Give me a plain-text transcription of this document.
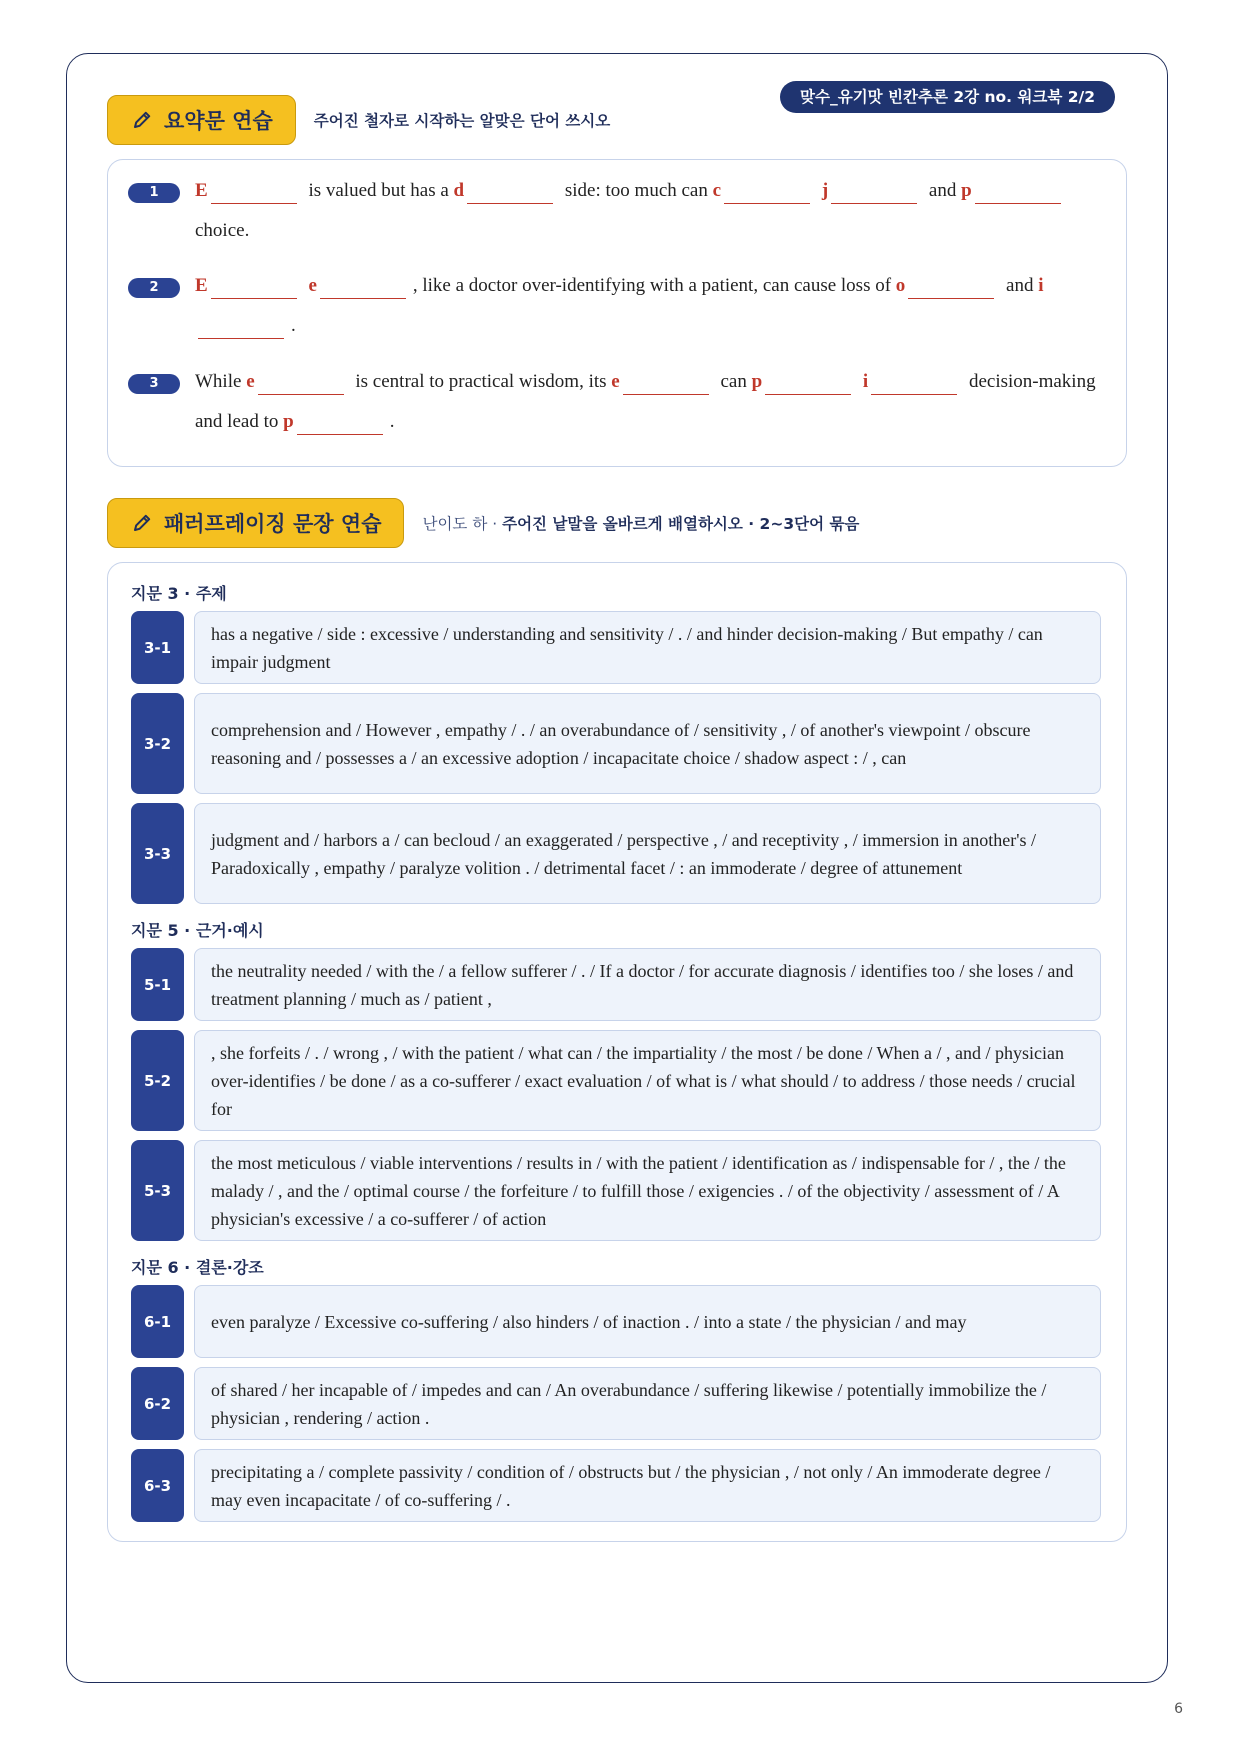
맞수_유기맛 빈칸추론 2강 no. 워크북 2/2
요약문 연습	주어진 철자로 시작하는 알맞은 단어 쓰시오
1	E	is valued but has a d	side: too much can c	j	and p choice.
2	E	e	, like a doctor over-identifying with a patient, can cause loss of o	and i.
3	While e	is central to practical wisdom, its e	can p	i	decision-making and lead to p	.
패러프레이징 문장 연습	난이도 하 · 주어진 낱말을 올바르게 배열하시오 · 2~3단어 묶음
지문 3 · 주제
3-1
has a negative / side : excessive / understanding and sensitivity / . / and hinder decision-making / But empathy / can impair judgment
3-2
comprehension and / However , empathy / . / an overabundance of / sensitivity , / of another's viewpoint / obscure reasoning and / possesses a / an excessive adoption / incapacitate choice / shadow aspect : / , can
3-3
judgment and / harbors a / can becloud / an exaggerated / perspective , / and receptivity , / immersion in another's / Paradoxically , empathy / paralyze volition . / detrimental facet / : an immoderate / degree of attunement
지문 5 · 근거·예시
5-1
the neutrality needed / with the / a fellow sufferer / . / If a doctor / for accurate diagnosis / identifies too / she loses / and treatment planning / much as / patient ,
5-2
, she forfeits / . / wrong , / with the patient / what can / the impartiality / the most / be done / When a / , and / physician over-identifies / be done / as a co-sufferer / exact evaluation / of what is / what should / to address / those needs / crucial for
5-3
the most meticulous / viable interventions / results in / with the patient / identification as / indispensable for / , the / the malady / , and the / optimal course / the forfeiture / to fulfill those / exigencies . / of the objectivity / assessment of / A physician's excessive / a co-sufferer / of action
지문 6 · 결론·강조
6-1	even paralyze / Excessive co-suffering / also hinders / of inaction . / into a state / the physician / and may
6-2
of shared / her incapable of / impedes and can / An overabundance / suffering likewise / potentially immobilize the / physician , rendering / action .
6-3
precipitating a / complete passivity / condition of / obstructs but / the physician , / not only / An immoderate degree / may even incapacitate / of co-suffering / .
6
